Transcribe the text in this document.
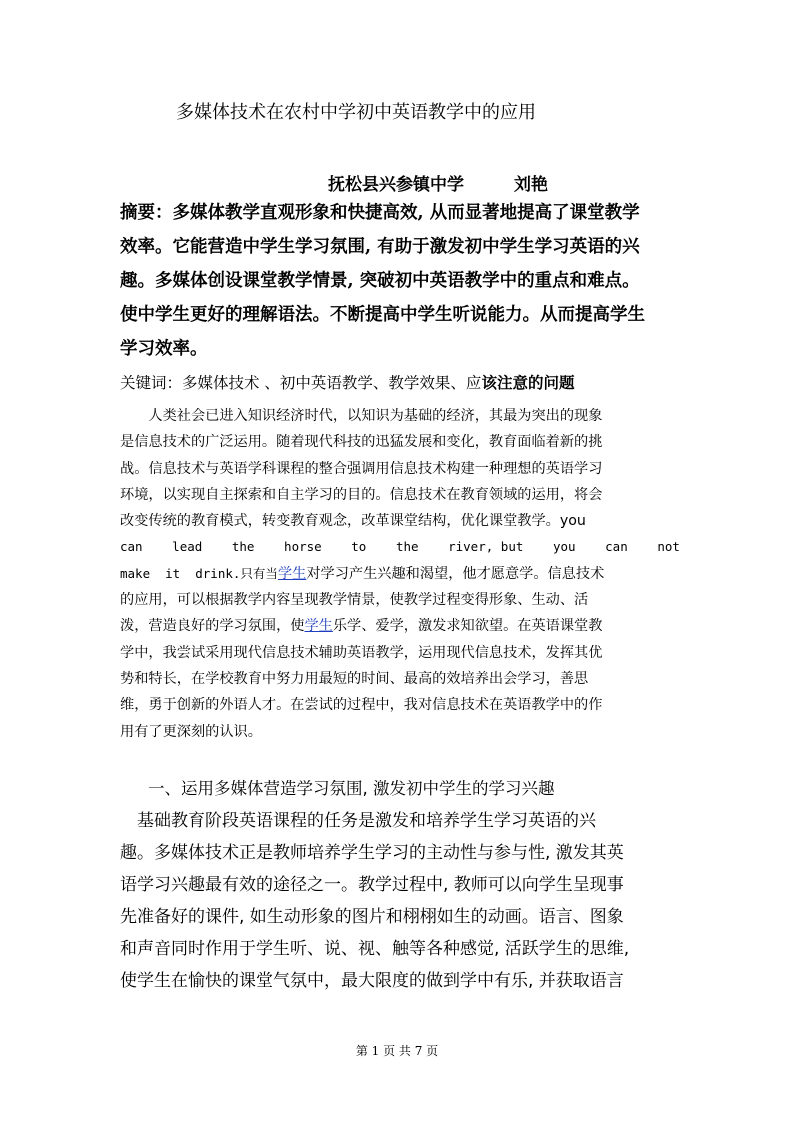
多媒体技术在农村中学初中英语教学中的应用
抚松县兴参镇中学	刘艳

摘要：多媒体教学直观形象和快捷高效, 从而显著地提高了课堂教学

效率。它能营造中学生学习氛围, 有助于激发初中学生学习英语的兴

趣。多媒体创设课堂教学情景, 突破初中英语教学中的重点和难点。

使中学生更好的理解语法。不断提高中学生听说能力。从而提高学生

学习效率。

关键词：多媒体技术 、初中英语教学、教学效果、应该注意的问题

　　人类社会已进入知识经济时代，以知识为基础的经济，其最为突出的现象

是信息技术的广泛运用。随着现代科技的迅猛发展和变化，教育面临着新的挑

战。信息技术与英语学科课程的整合强调用信息技术构建一种理想的英语学习

环境，以实现自主探索和自主学习的目的。信息技术在教育领域的运用，将会

改变传统的教育模式，转变教育观念，改革课堂结构，优化课堂教学。you

can lead the horse to the river, but you can not

make  it  drink.只有当学生对学习产生兴趣和渴望，他才愿意学。信息技术

的应用，可以根据教学内容呈现教学情景，使教学过程变得形象、生动、活

泼，营造良好的学习氛围，使学生乐学、爱学，激发求知欲望。在英语课堂教

学中，我尝试采用现代信息技术辅助英语教学，运用现代信息技术，发挥其优

势和特长，在学校教育中努力用最短的时间、最高的效培养出会学习，善思

维，勇于创新的外语人才。在尝试的过程中，我对信息技术在英语教学中的作

用有了更深刻的认识。

一、运用多媒体营造学习氛围, 激发初中学生的学习兴趣

　基础教育阶段英语课程的任务是激发和培养学生学习英语的兴

趣。多媒体技术正是教师培养学生学习的主动性与参与性, 激发其英

语学习兴趣最有效的途径之一。教学过程中, 教师可以向学生呈现事

先准备好的课件, 如生动形象的图片和栩栩如生的动画。语言、图象

和声音同时作用于学生听、说、视、触等各种感觉, 活跃学生的思维,

使学生在愉快的课堂气氛中，最大限度的做到学中有乐, 并获取语言

第 1 页 共 7 页
